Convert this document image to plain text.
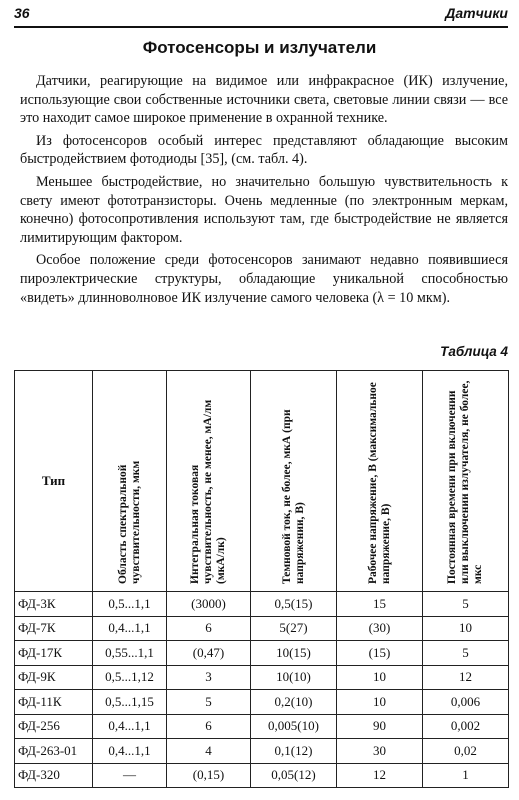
36	Датчики
Фотосенсоры и излучатели

Датчики, реагирующие на видимое или инфракрасное (ИК) излучение, использующие свои собственные источники света, световые линии связи — все это находит самое широкое применение в охранной технике.

Из фотосенсоров особый интерес представляют обладающие высоким быстродействием фотодиоды [35], (см. табл. 4).

Меньшее быстродействие, но значительно большую чувствительность к свету имеют фототранзисторы. Очень медленные (по электронным меркам, конечно) фотосопротивления используют там, где быстродействие не является лимитирующим фактором.

Особое положение среди фотосенсоров занимают недавно появившиеся пироэлектрические структуры, обладающие уникальной способностью «видеть» длинноволновое ИК излучение самого человека (λ = 10 мкм).

Таблица 4
Тип	Область спектральной чувствительности, мкм	Интегральная токовая чувствительность, не менее, мА/лм (мкА/лк)	Темновой ток, не более, мкА (при напряжении, В)	Рабочее напряжение, В (максимальное напряжение, В)	Постоянная времени при включении или выключении излучателя, не более, мкс
ФД-3К	0,5...1,1	(3000)	0,5(15)	15	5
ФД-7К	0,4...1,1	6	5(27)	(30)	10
ФД-17К	0,55...1,1	(0,47)	10(15)	(15)	5
ФД-9К	0,5...1,12	3	10(10)	10	12
ФД-11К	0,5...1,15	5	0,2(10)	10	0,006
ФД-256	0,4...1,1	6	0,005(10)	90	0,002
ФД-263-01	0,4...1,1	4	0,1(12)	30	0,02
ФД-320	—	(0,15)	0,05(12)	12	1
